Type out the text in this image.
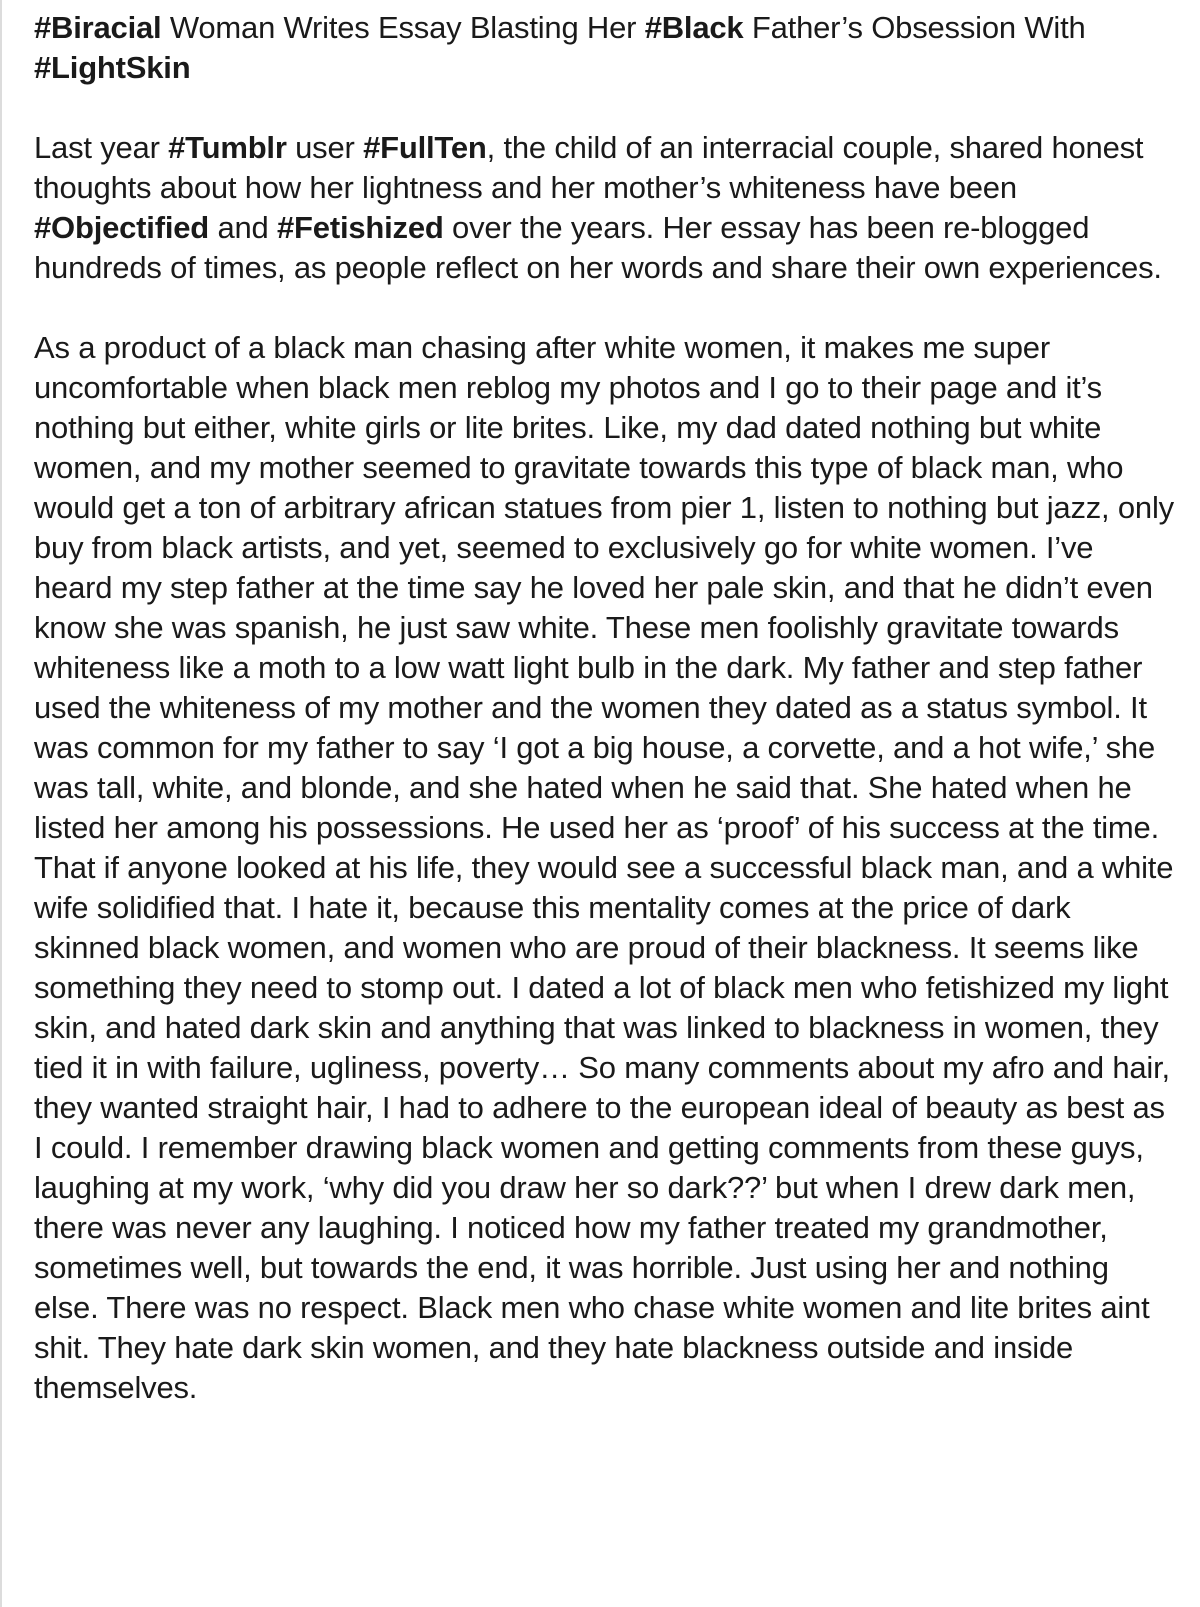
#Biracial Woman Writes Essay Blasting Her #Black Father’s Obsession With #LightSkin

Last year #Tumblr user #FullTen, the child of an interracial couple, shared honest thoughts about how her lightness and her mother’s whiteness have been #Objectified and #Fetishized over the years. Her essay has been re-blogged hundreds of times, as people reflect on her words and share their own experiences.

As a product of a black man chasing after white women, it makes me super uncomfortable when black men reblog my photos and I go to their page and it’s nothing but either, white girls or lite brites. Like, my dad dated nothing but white women, and my mother seemed to gravitate towards this type of black man, who would get a ton of arbitrary african statues from pier 1, listen to nothing but jazz, only buy from black artists, and yet, seemed to exclusively go for white women. I’ve heard my step father at the time say he loved her pale skin, and that he didn’t even know she was spanish, he just saw white. These men foolishly gravitate towards whiteness like a moth to a low watt light bulb in the dark. My father and step father used the whiteness of my mother and the women they dated as a status symbol. It was common for my father to say ‘I got a big house, a corvette, and a hot wife,’ she was tall, white, and blonde, and she hated when he said that. She hated when he listed her among his possessions. He used her as ‘proof’ of his success at the time. That if anyone looked at his life, they would see a successful black man, and a white wife solidified that. I hate it, because this mentality comes at the price of dark skinned black women, and women who are proud of their blackness. It seems like something they need to stomp out. I dated a lot of black men who fetishized my light skin, and hated dark skin and anything that was linked to blackness in women, they tied it in with failure, ugliness, poverty… So many comments about my afro and hair, they wanted straight hair, I had to adhere to the european ideal of beauty as best as I could. I remember drawing black women and getting comments from these guys, laughing at my work, ‘why did you draw her so dark??’ but when I drew dark men, there was never any laughing. I noticed how my father treated my grandmother, sometimes well, but towards the end, it was horrible. Just using her and nothing else. There was no respect. Black men who chase white women and lite brites aint shit. They hate dark skin women, and they hate blackness outside and inside themselves.
